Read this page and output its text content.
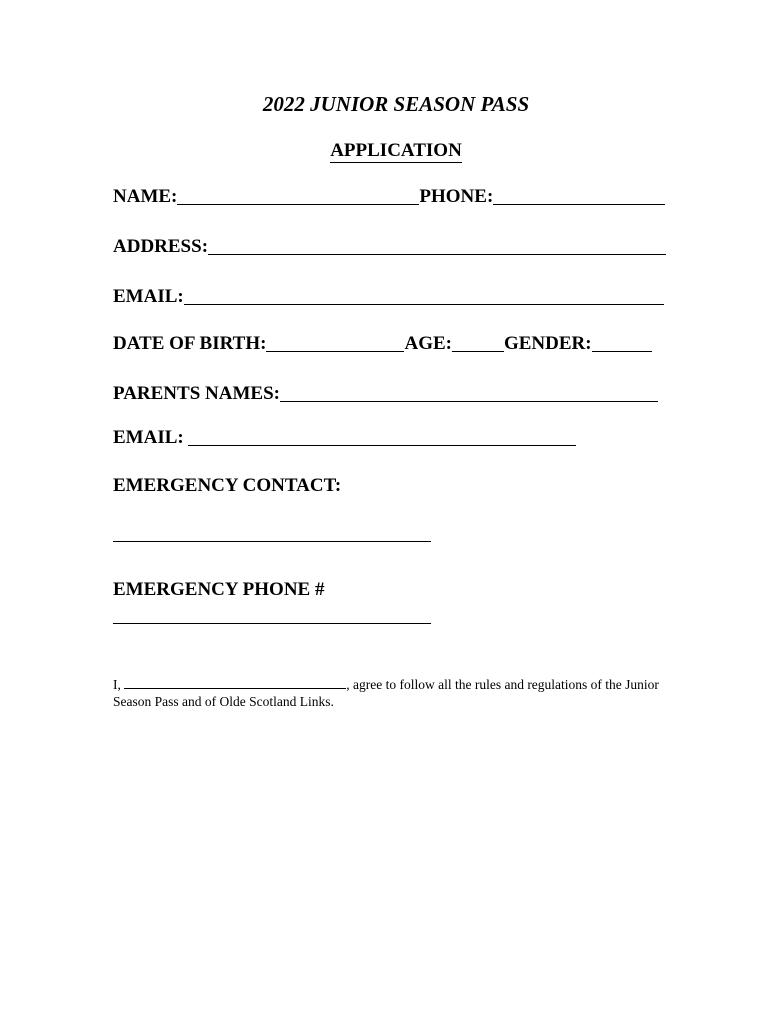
2022 JUNIOR SEASON PASS
APPLICATION
NAME:	PHONE:
ADDRESS:
EMAIL:
DATE OF BIRTH:	AGE:	GENDER:
PARENTS NAMES:
EMAIL:
EMERGENCY CONTACT:
EMERGENCY PHONE #
I,	, agree to follow all the rules and regulations of the Junior Season Pass and of Olde Scotland Links.
